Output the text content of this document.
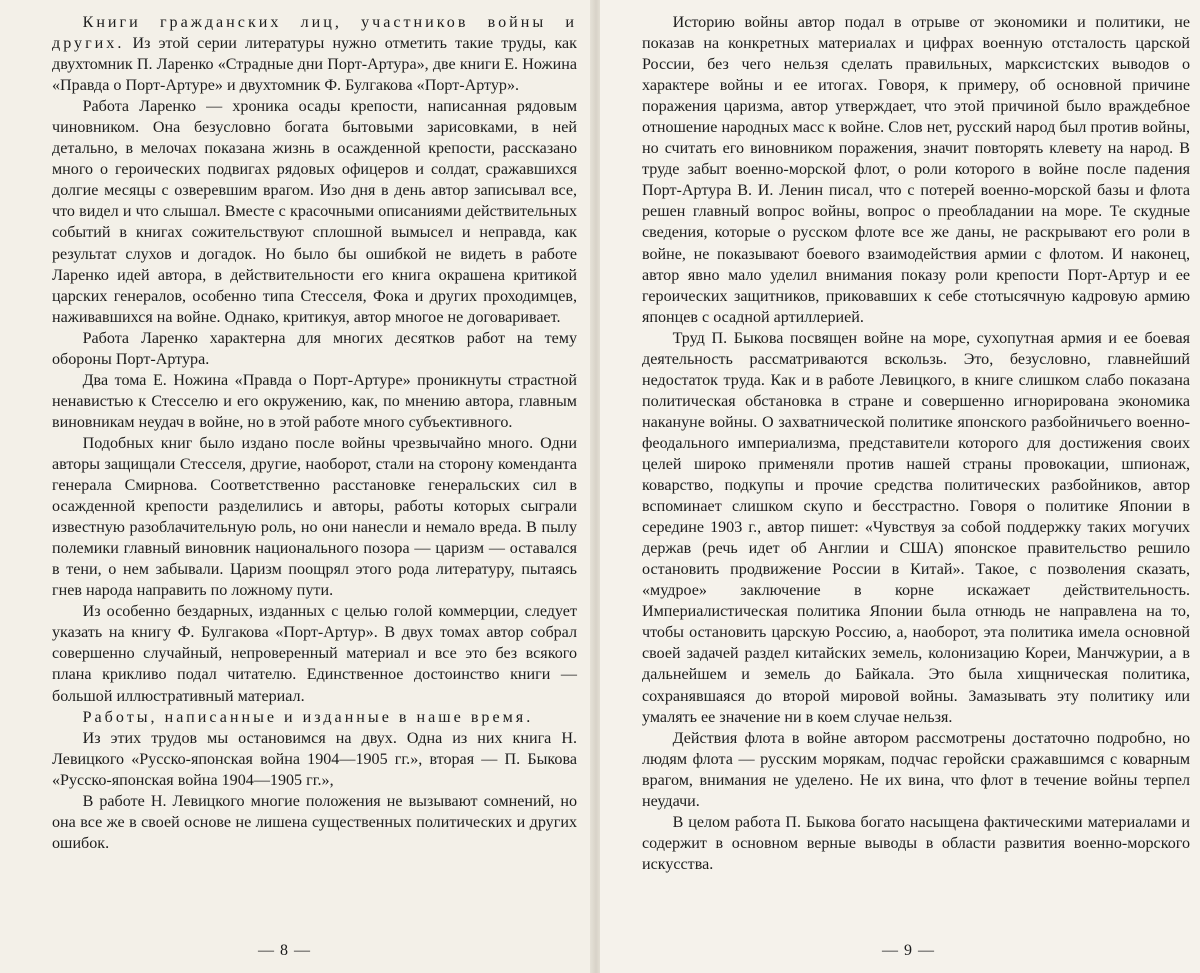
Книги гражданских лиц, участников войны и других. Из этой серии литературы нужно отметить такие труды, как двухтомник П. Ларенко «Страдные дни Порт-Артура», две книги Е. Ножина «Правда о Порт-Артуре» и двухтомник Ф. Булгакова «Порт-Артур».

Работа Ларенко — хроника осады крепости, написанная рядовым чиновником. Она безусловно богата бытовыми зарисовками, в ней детально, в мелочах показана жизнь в осажденной крепости, рассказано много о героических подвигах рядовых офицеров и солдат, сражавшихся долгие месяцы с озверевшим врагом. Изо дня в день автор записывал все, что видел и что слышал. Вместе с красочными описаниями действительных событий в книгах сожительствуют сплошной вымысел и неправда, как результат слухов и догадок. Но было бы ошибкой не видеть в работе Ларенко идей автора, в действительности его книга окрашена критикой царских генералов, особенно типа Стесселя, Фока и других проходимцев, наживавшихся на войне. Однако, критикуя, автор многое не договаривает.

Работа Ларенко характерна для многих десятков работ на тему обороны Порт-Артура.

Два тома Е. Ножина «Правда о Порт-Артуре» проникнуты страстной ненавистью к Стесселю и его окружению, как, по мнению автора, главным виновникам неудач в войне, но в этой работе много субъективного.

Подобных книг было издано после войны чрезвычайно много. Одни авторы защищали Стесселя, другие, наоборот, стали на сторону коменданта генерала Смирнова. Соответственно расстановке генеральских сил в осажденной крепости разделились и авторы, работы которых сыграли известную разоблачительную роль, но они нанесли и немало вреда. В пылу полемики главный виновник национального позора — царизм — оставался в тени, о нем забывали. Царизм поощрял этого рода литературу, пытаясь гнев народа направить по ложному пути.

Из особенно бездарных, изданных с целью голой коммерции, следует указать на книгу Ф. Булгакова «Порт-Артур». В двух томах автор собрал совершенно случайный, непроверенный материал и все это без всякого плана крикливо подал читателю. Единственное достоинство книги — большой иллюстративный материал.

Работы, написанные и изданные в наше время.

Из этих трудов мы остановимся на двух. Одна из них книга Н. Левицкого «Русско-японская война 1904—1905 гг.», вторая — П. Быкова «Русско-японская война 1904—1905 гг.»,

В работе Н. Левицкого многие положения не вызывают сомнений, но она все же в своей основе не лишена существенных политических и других ошибок.

Историю войны автор подал в отрыве от экономики и политики, не показав на конкретных материалах и цифрах военную отсталость царской России, без чего нельзя сделать правильных, марксистских выводов о характере войны и ее итогах. Говоря, к примеру, об основной причине поражения царизма, автор утверждает, что этой причиной было враждебное отношение народных масс к войне. Слов нет, русский народ был против войны, но считать его виновником поражения, значит повторять клевету на народ. В труде забыт военно-морской флот, о роли которого в войне после падения Порт-Артура В. И. Ленин писал, что с потерей военно-морской базы и флота решен главный вопрос войны, вопрос о преобладании на море. Те скудные сведения, которые о русском флоте все же даны, не раскрывают его роли в войне, не показывают боевого взаимодействия армии с флотом. И наконец, автор явно мало уделил внимания показу роли крепости Порт-Артур и ее героических защитников, приковавших к себе стотысячную кадровую армию японцев с осадной артиллерией.

Труд П. Быкова посвящен войне на море, сухопутная армия и ее боевая деятельность рассматриваются вскользь. Это, безусловно, главнейший недостаток труда. Как и в работе Левицкого, в книге слишком слабо показана политическая обстановка в стране и совершенно игнорирована экономика накануне войны. О захватнической политике японского разбойничьего военно-феодального империализма, представители которого для достижения своих целей широко применяли против нашей страны провокации, шпионаж, коварство, подкупы и прочие средства политических разбойников, автор вспоминает слишком скупо и бесстрастно. Говоря о политике Японии в середине 1903 г., автор пишет: «Чувствуя за собой поддержку таких могучих держав (речь идет об Англии и США) японское правительство решило остановить продвижение России в Китай». Такое, с позволения сказать, «мудрое» заключение в корне искажает действительность. Империалистическая политика Японии была отнюдь не направлена на то, чтобы остановить царскую Россию, а, наоборот, эта политика имела основной своей задачей раздел китайских земель, колонизацию Кореи, Манчжурии, а в дальнейшем и земель до Байкала. Это была хищническая политика, сохранявшаяся до второй мировой войны. Замазывать эту политику или умалять ее значение ни в коем случае нельзя.

Действия флота в войне автором рассмотрены достаточно подробно, но людям флота — русским морякам, подчас геройски сражавшимся с коварным врагом, внимания не уделено. Не их вина, что флот в течение войны терпел неудачи.

В целом работа П. Быкова богато насыщена фактическими материалами и содержит в основном верные выводы в области развития военно-морского искусства.

— 8 —	— 9 —
